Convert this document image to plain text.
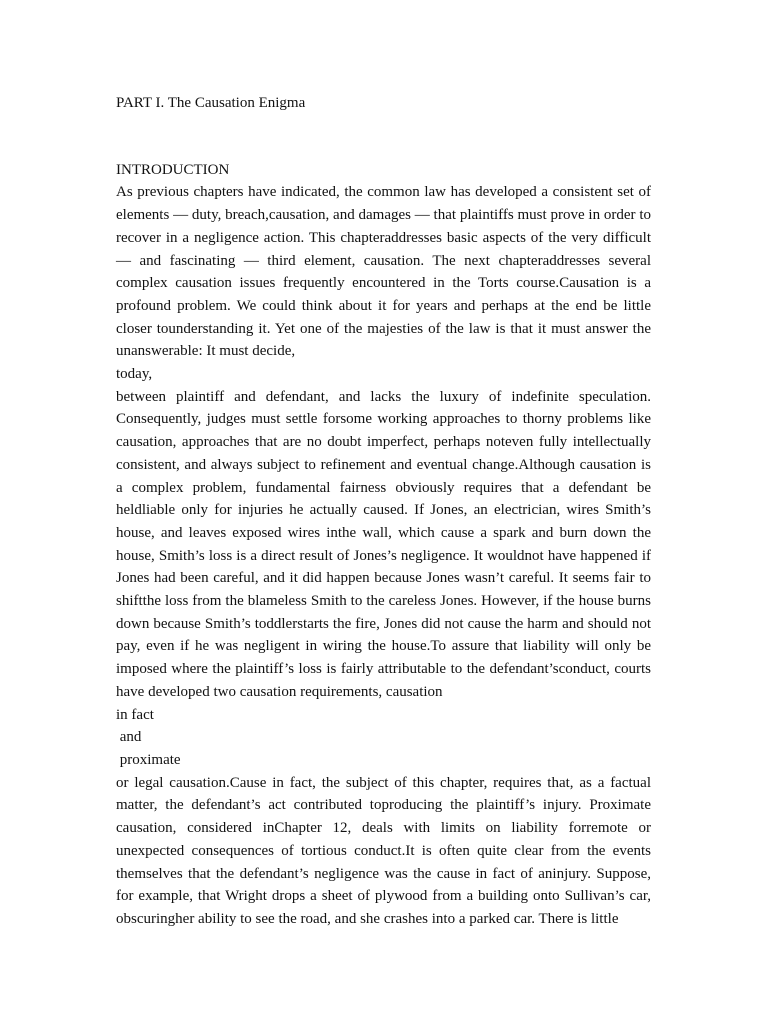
PART I. The Causation Enigma

INTRODUCTION

As previous chapters have indicated, the common law has developed a consistent set of elements — duty, breach,causation, and damages — that plaintiffs must prove in order to recover in a negligence action. This chapteraddresses basic aspects of the very difficult — and fascinating — third element, causation. The next chapteraddresses several complex causation issues frequently encountered in the Torts course.Causation is a profound problem. We could think about it for years and perhaps at the end be little closer tounderstanding it. Yet one of the majesties of the law is that it must answer the unanswerable: It must decide,

today,

between plaintiff and defendant, and lacks the luxury of indefinite speculation. Consequently, judges must settle forsome working approaches to thorny problems like causation, approaches that are no doubt imperfect, perhaps noteven fully intellectually consistent, and always subject to refinement and eventual change.Although causation is a complex problem, fundamental fairness obviously requires that a defendant be heldliable only for injuries he actually caused. If Jones, an electrician, wires Smith’s house, and leaves exposed wires inthe wall, which cause a spark and burn down the house, Smith’s loss is a direct result of Jones’s negligence. It wouldnot have happened if Jones had been careful, and it did happen because Jones wasn’t careful. It seems fair to shiftthe loss from the blameless Smith to the careless Jones. However, if the house burns down because Smith’s toddlerstarts the fire, Jones did not cause the harm and should not pay, even if he was negligent in wiring the house.To assure that liability will only be imposed where the plaintiff’s loss is fairly attributable to the defendant’sconduct, courts have developed two causation requirements, causation

in fact

and

proximate

or legal causation.Cause in fact, the subject of this chapter, requires that, as a factual matter, the defendant’s act contributed toproducing the plaintiff’s injury. Proximate causation, considered inChapter 12, deals with limits on liability forremote or unexpected consequences of tortious conduct.It is often quite clear from the events themselves that the defendant’s negligence was the cause in fact of aninjury. Suppose, for example, that Wright drops a sheet of plywood from a building onto Sullivan’s car, obscuringher ability to see the road, and she crashes into a parked car. There is little
